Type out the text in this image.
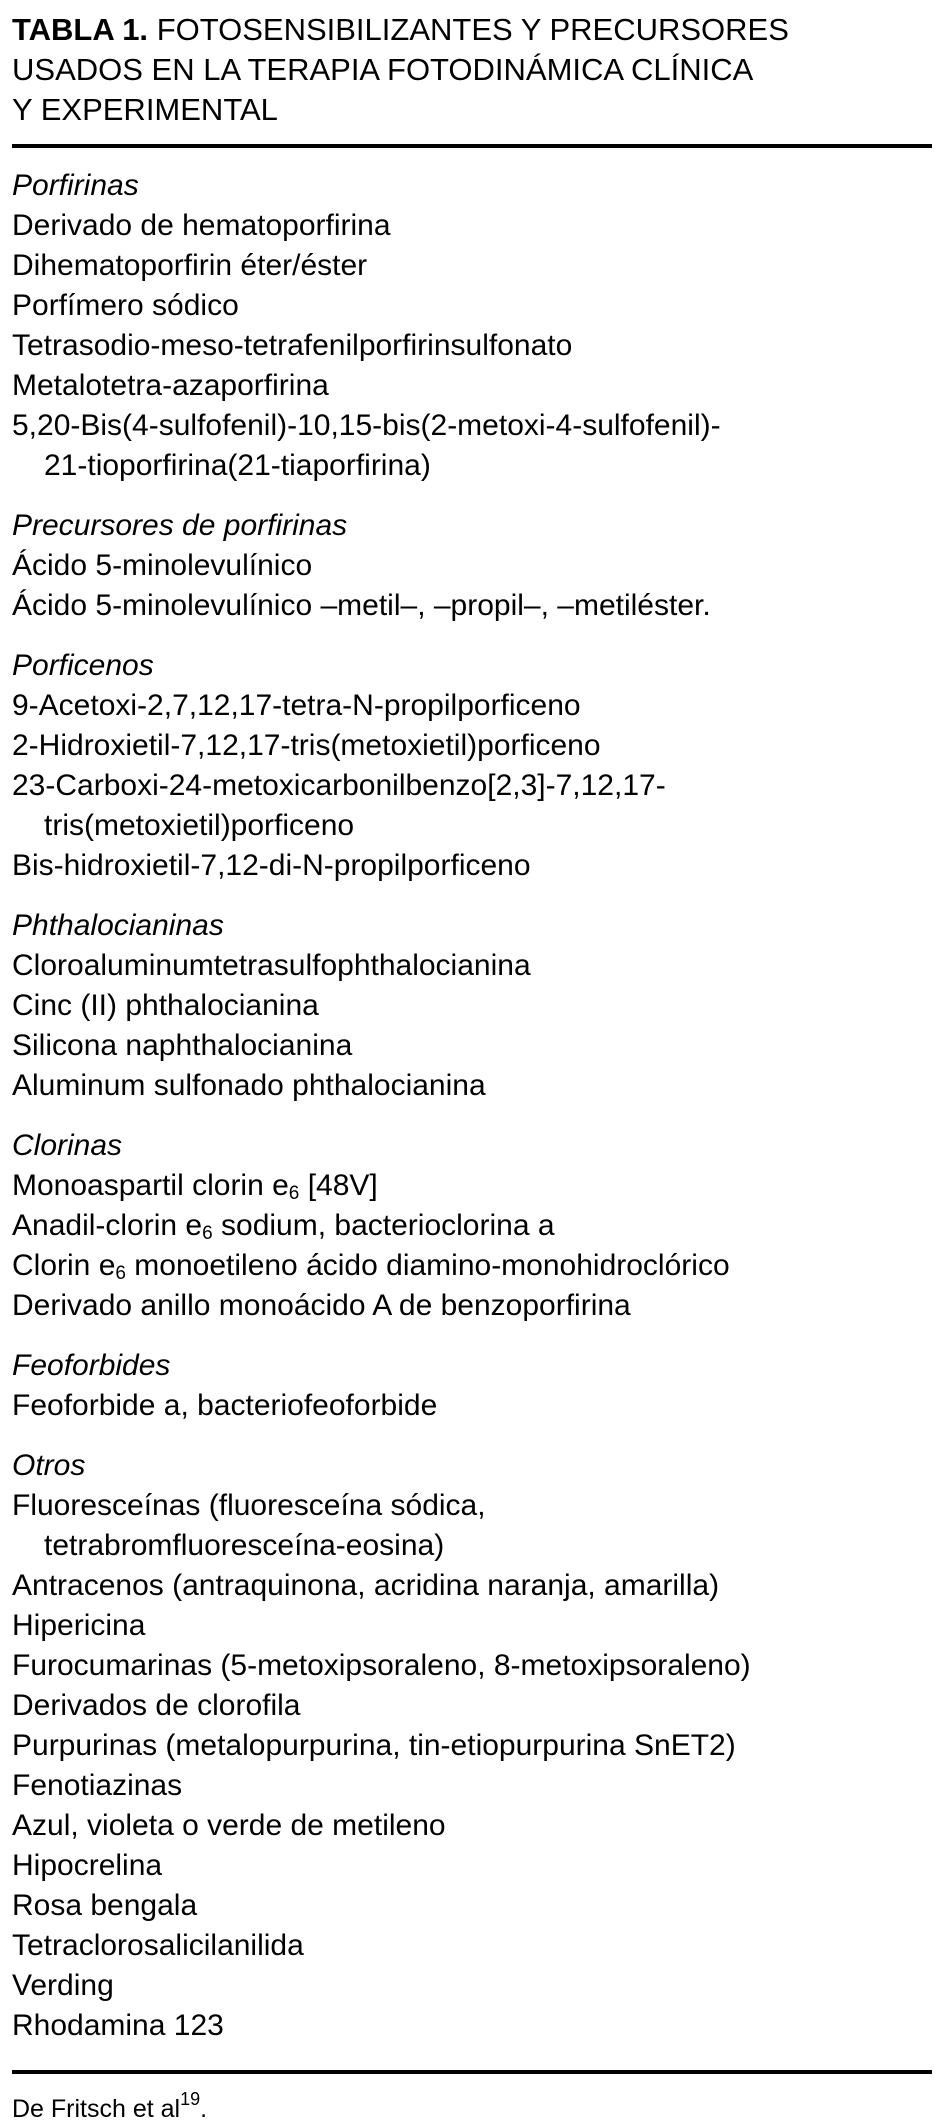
TABLA 1. FOTOSENSIBILIZANTES Y PRECURSORES
USADOS EN LA TERAPIA FOTODINÁMICA CLÍNICA
Y EXPERIMENTAL
Porfirinas
Derivado de hematoporfirina
Dihematoporfirin éter/éster
Porfímero sódico
Tetrasodio-meso-tetrafenilporfirinsulfonato
Metalotetra-azaporfirina
5,20-Bis(4-sulfofenil)-10,15-bis(2-metoxi-4-sulfofenil)-
21-tioporfirina(21-tiaporfirina)
Precursores de porfirinas
Ácido 5-minolevulínico
Ácido 5-minolevulínico –metil–, –propil–, –metiléster.
Porficenos
9-Acetoxi-2,7,12,17-tetra-N-propilporficeno
2-Hidroxietil-7,12,17-tris(metoxietil)porficeno
23-Carboxi-24-metoxicarbonilbenzo[2,3]-7,12,17-
tris(metoxietil)porficeno
Bis-hidroxietil-7,12-di-N-propilporficeno
Phthalocianinas
Cloroaluminumtetrasulfophthalocianina
Cinc (II) phthalocianina
Silicona naphthalocianina
Aluminum sulfonado phthalocianina
Clorinas
Monoaspartil clorin $e_6$ [48V]
Anadil-clorin $e_6$ sodium, bacterioclorina a
Clorin $e_6$ monoetileno ácido diamino-monohidroclórico
Derivado anillo monoácido A de benzoporfirina
Feoforbides
Feoforbide a, bacteriofeoforbide
Otros
Fluoresceínas (fluoresceína sódica,
tetrabromfluoresceína-eosina)
Antracenos (antraquinona, acridina naranja, amarilla)
Hipericina
Furocumarinas (5-metoxipsoraleno, 8-metoxipsoraleno)
Derivados de clorofila
Purpurinas (metalopurpurina, tin-etiopurpurina SnET2)
Fenotiazinas
Azul, violeta o verde de metileno
Hipocrelina
Rosa bengala
Tetraclorosalicilanilida
Verding
Rhodamina 123
De Fritsch et $al^{19}$.
